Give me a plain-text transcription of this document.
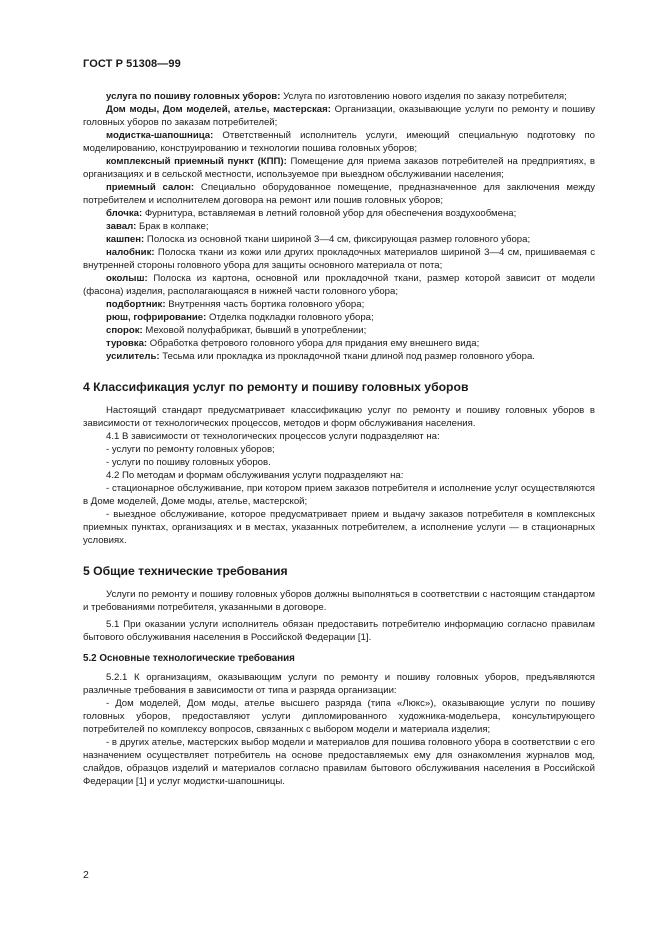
ГОСТ Р 51308—99

услуга по пошиву головных уборов: Услуга по изготовлению нового изделия по заказу потребителя;

Дом моды, Дом моделей, ателье, мастерская: Организации, оказывающие услуги по ремонту и пошиву головных уборов по заказам потребителей;

модистка-шапошница: Ответственный исполнитель услуги, имеющий специальную подготовку по моделированию, конструированию и технологии пошива головных уборов;

комплексный приемный пункт (КПП): Помещение для приема заказов потребителей на предприятиях, в организациях и в сельской местности, используемое при выездном обслуживании населения;

приемный салон: Специально оборудованное помещение, предназначенное для заключения между потребителем и исполнителем договора на ремонт или пошив головных уборов;

блочка: Фурнитура, вставляемая в летний головной убор для обеспечения воздухообмена;

завал: Брак в колпаке;

кашпен: Полоска из основной ткани шириной 3—4 см, фиксирующая размер головного убора;

налобник: Полоска ткани из кожи или других прокладочных материалов шириной 3—4 см, пришиваемая с внутренней стороны головного убора для защиты основного материала от пота;

околыш: Полоска из картона, основной или прокладочной ткани, размер которой зависит от модели (фасона) изделия, располагающаяся в нижней части головного убора;

подбортник: Внутренняя часть бортика головного убора;

рюш, гофрирование: Отделка подкладки головного убора;

спорок: Меховой полуфабрикат, бывший в употреблении;

туровка: Обработка фетрового головного убора для придания ему внешнего вида;

усилитель: Тесьма или прокладка из прокладочной ткани длиной под размер головного убора.

4 Классификация услуг по ремонту и пошиву головных уборов

Настоящий стандарт предусматривает классификацию услуг по ремонту и пошиву головных уборов в зависимости от технологических процессов, методов и форм обслуживания населения.

4.1 В зависимости от технологических процессов услуги подразделяют на:

- услуги по ремонту головных уборов;

- услуги по пошиву головных уборов.

4.2 По методам и формам обслуживания услуги подразделяют на:

- стационарное обслуживание, при котором прием заказов потребителя и исполнение услуг осуществляются в Доме моделей, Доме моды, ателье, мастерской;

- выездное обслуживание, которое предусматривает прием и выдачу заказов потребителя в комплексных приемных пунктах, организациях и в местах, указанных потребителем, а исполнение услуги — в стационарных условиях.

5 Общие технические требования

Услуги по ремонту и пошиву головных уборов должны выполняться в соответствии с настоящим стандартом и требованиями потребителя, указанными в договоре.

5.1 При оказании услуги исполнитель обязан предоставить потребителю информацию согласно правилам бытового обслуживания населения в Российской Федерации [1].

5.2 Основные технологические требования

5.2.1 К организациям, оказывающим услуги по ремонту и пошиву головных уборов, предъявляются различные требования в зависимости от типа и разряда организации:

- Дом моделей, Дом моды, ателье высшего разряда (типа «Люкс»), оказывающие услуги по пошиву головных уборов, предоставляют услуги дипломированного художника-модельера, консультирующего потребителей по комплексу вопросов, связанных с выбором модели и материала изделия;

- в других ателье, мастерских выбор модели и материалов для пошива головного убора в соответствии с его назначением осуществляет потребитель на основе предоставляемых ему для ознакомления журналов мод, слайдов, образцов изделий и материалов согласно правилам бытового обслуживания населения в Российской Федерации [1] и услуг модистки-шапошницы.

2
